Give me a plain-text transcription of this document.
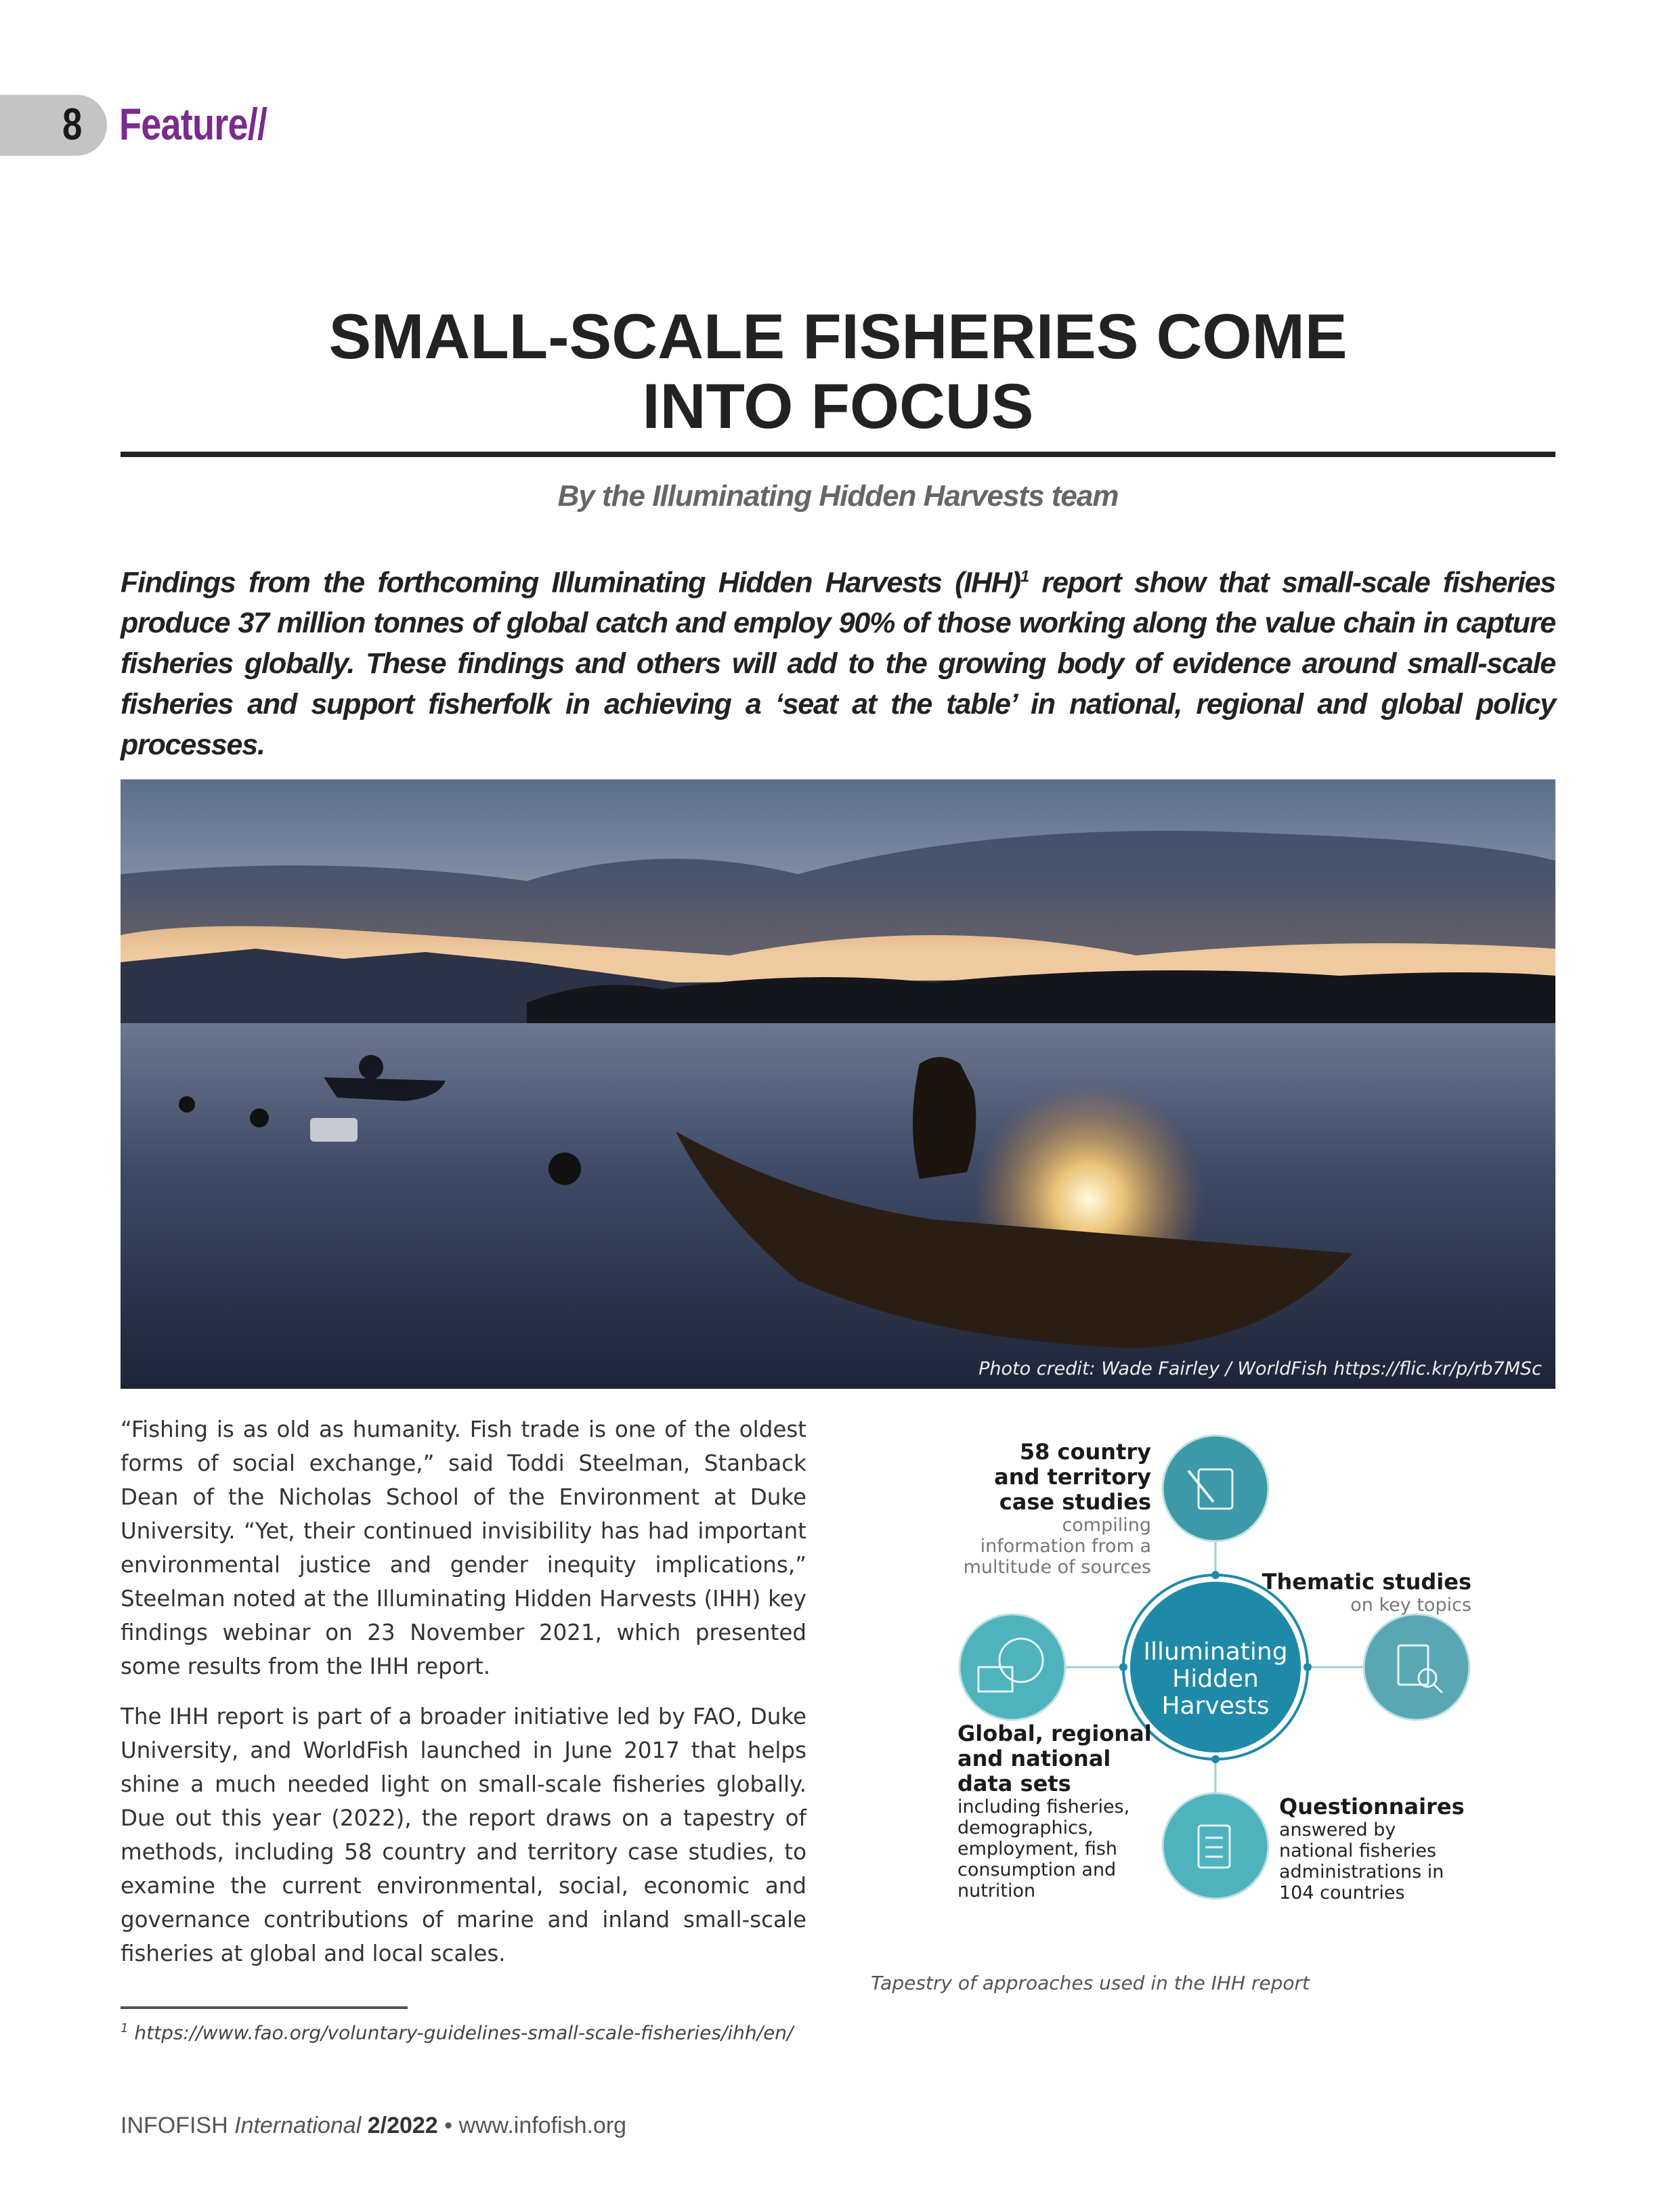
8 Feature//
SMALL-SCALE FISHERIES COME
INTO FOCUS
By the Illuminating Hidden Harvests team
Findings from the forthcoming Illuminating Hidden Harvests (IHH)$^1$ report show that small-scale fisheries produce 37 million tonnes of global catch and employ 90% of those working along the value chain in capture fisheries globally. These findings and others will add to the growing body of evidence around small-scale fisheries and support fisherfolk in achieving a ‘seat at the table’ in national, regional and global policy processes.
Photo credit: Wade Fairley / WorldFish https://flic.kr/p/rb7MSc

“Fishing is as old as humanity. Fish trade is one of the oldest forms of social exchange,” said Toddi Steelman, Stanback Dean of the Nicholas School of the Environment at Duke University. “Yet, their continued invisibility has had important environmental justice and gender inequity implications,” Steelman noted at the Illuminating Hidden Harvests (IHH) key findings webinar on 23 November 2021, which presented some results from the IHH report.

The IHH report is part of a broader initiative led by FAO, Duke University, and WorldFish launched in June 2017 that helps shine a much needed light on small-scale fisheries globally. Due out this year (2022), the report draws on a tapestry of methods, including 58 country and territory case studies, to examine the current environmental, social, economic and governance contributions of marine and inland small-scale fisheries at global and local scales.

$^1$ https://www.fao.org/voluntary-guidelines-small-scale-fisheries/ihh/en/
Illuminating
Hidden
Harvests
58 country
and territory
case studies
compiling
information from a
multitude of sources
Thematic studies
on key topics
Global, regional
and national
data sets
including fisheries,
demographics,
employment, fish
consumption and
nutrition
Questionnaires
answered by
national fisheries
administrations in
104 countries
Tapestry of approaches used in the IHH report
INFOFISH International 2/2022 • www.infofish.org
